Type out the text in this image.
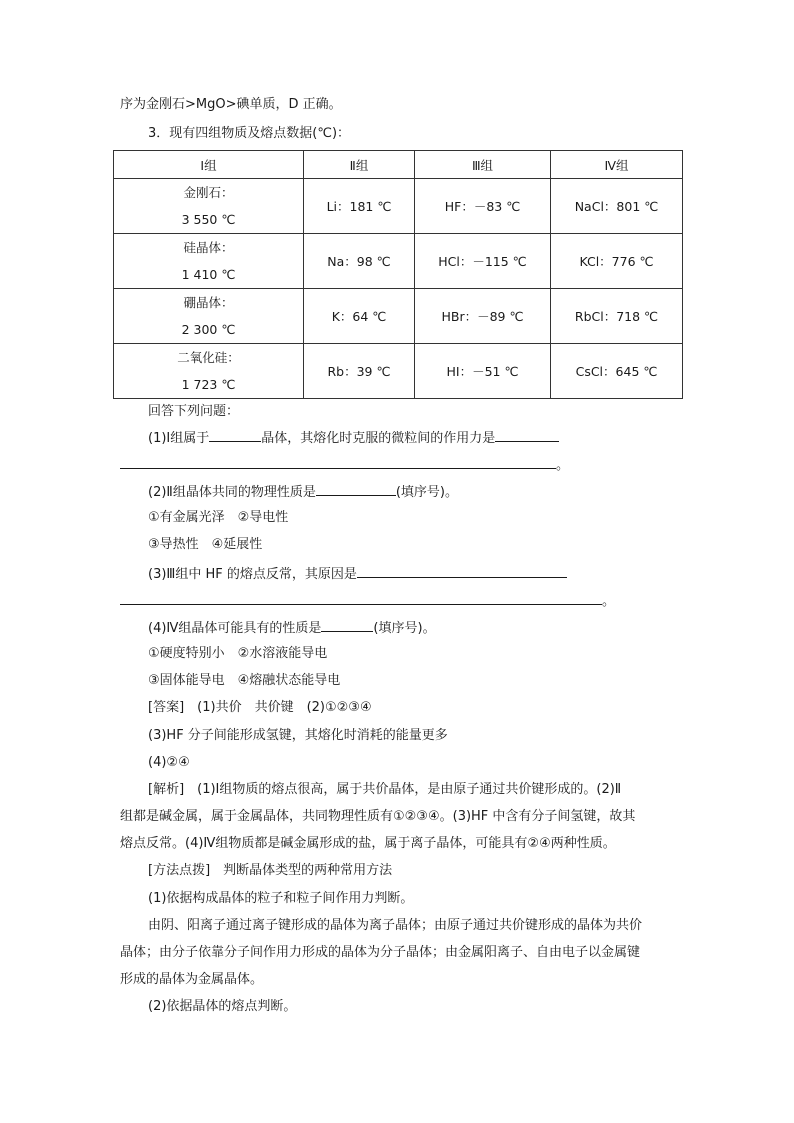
序为金刚石>MgO>碘单质，D 正确。
3．现有四组物质及熔点数据(℃)：
Ⅰ组	Ⅱ组	Ⅲ组	Ⅳ组

金刚石：
3 550 ℃	Li：181 ℃	HF：－83 ℃	NaCl：801 ℃

硅晶体：
1 410 ℃	Na：98 ℃	HCl：－115 ℃	KCl：776 ℃

硼晶体：
2 300 ℃	K：64 ℃	HBr：－89 ℃	RbCl：718 ℃

二氧化硅：
1 723 ℃	Rb：39 ℃	HI：－51 ℃	CsCl：645 ℃
回答下列问题：
(1)Ⅰ组属于	晶体，其熔化时克服的微粒间的作用力是
。
(2)Ⅱ组晶体共同的物理性质是	(填序号)。
①有金属光泽　②导电性
③导热性　④延展性
(3)Ⅲ组中 HF 的熔点反常，其原因是
。
(4)Ⅳ组晶体可能具有的性质是	(填序号)。
①硬度特别小　②水溶液能导电
③固体能导电　④熔融状态能导电
[答案]　(1)共价　共价键　(2)①②③④
(3)HF 分子间能形成氢键，其熔化时消耗的能量更多
(4)②④
[解析]　(1)Ⅰ组物质的熔点很高，属于共价晶体，是由原子通过共价键形成的。(2)Ⅱ
组都是碱金属，属于金属晶体，共同物理性质有①②③④。(3)HF 中含有分子间氢键，故其
熔点反常。(4)Ⅳ组物质都是碱金属形成的盐，属于离子晶体，可能具有②④两种性质。
[方法点拨]　判断晶体类型的两种常用方法
(1)依据构成晶体的粒子和粒子间作用力判断。
由阴、阳离子通过离子键形成的晶体为离子晶体；由原子通过共价键形成的晶体为共价
晶体；由分子依靠分子间作用力形成的晶体为分子晶体；由金属阳离子、自由电子以金属键
形成的晶体为金属晶体。
(2)依据晶体的熔点判断。
